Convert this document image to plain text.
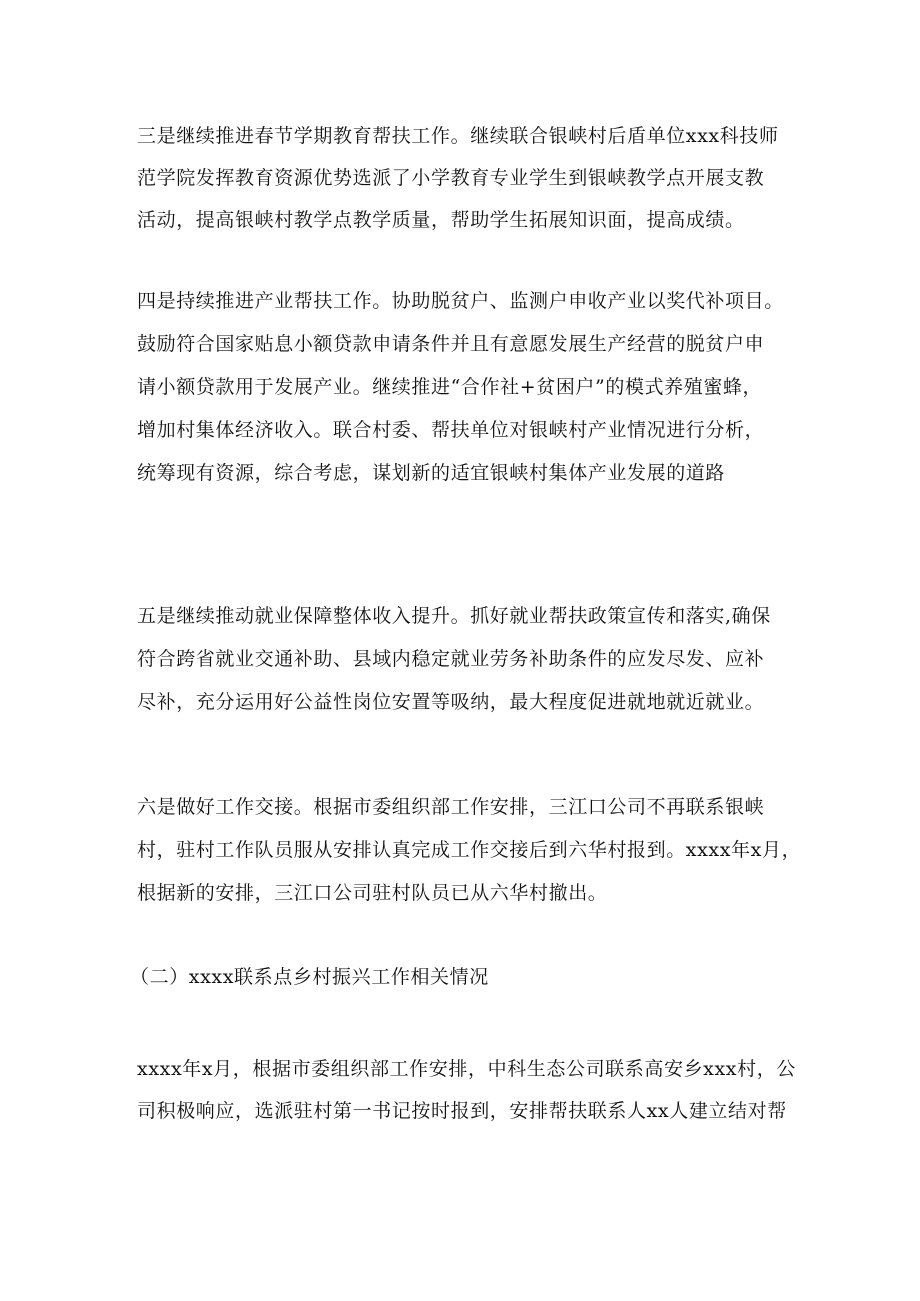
三是继续推进春节学期教育帮扶工作。继续联合银峡村后盾单位xxx科技师
范学院发挥教育资源优势选派了小学教育专业学生到银峡教学点开展支教
活动，提高银峡村教学点教学质量，帮助学生拓展知识面，提高成绩。
四是持续推进产业帮扶工作。协助脱贫户、监测户申收产业以奖代补项目。
鼓励符合国家贴息小额贷款申请条件并且有意愿发展生产经营的脱贫户申
请小额贷款用于发展产业。继续推进“合作社+贫困户”的模式养殖蜜蜂，
增加村集体经济收入。联合村委、帮扶单位对银峡村产业情况进行分析，
统筹现有资源，综合考虑，谋划新的适宜银峡村集体产业发展的道路
五是继续推动就业保障整体收入提升。抓好就业帮扶政策宣传和落实,确保
符合跨省就业交通补助、县域内稳定就业劳务补助条件的应发尽发、应补
尽补，充分运用好公益性岗位安置等吸纳，最大程度促进就地就近就业。
六是做好工作交接。根据市委组织部工作安排，三江口公司不再联系银峡
村，驻村工作队员服从安排认真完成工作交接后到六华村报到。xxxx年x月，
根据新的安排，三江口公司驻村队员已从六华村撤出。
（二）xxxx联系点乡村振兴工作相关情况
xxxx年x月，根据市委组织部工作安排，中科生态公司联系高安乡xxx村，公
司积极响应，选派驻村第一书记按时报到，安排帮扶联系人xx人建立结对帮
